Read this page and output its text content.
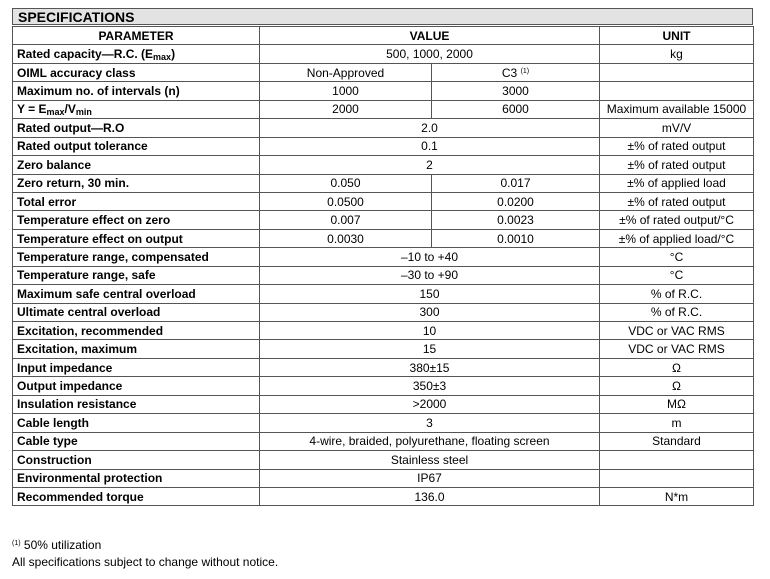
SPECIFICATIONS
PARAMETER	VALUE		UNIT
Rated capacity—R.C. $(E_{max})$	500, 1000, 2000		kg
OIML accuracy class	Non-Approved	C3 $^{(1)}$	
Maximum no. of intervals (n)	1000	3000	
$Y = E_{max}/V_{min}$	2000	6000	Maximum available 15000
Rated output—R.O	2.0		mV/V
Rated output tolerance	0.1		±% of rated output
Zero balance	2		±% of rated output
Zero return, 30 min.	0.050	0.017	±% of applied load
Total error	0.0500	0.0200	±% of rated output
Temperature effect on zero	0.007	0.0023	±% of rated output/°C
Temperature effect on output	0.0030	0.0010	±% of applied load/°C
Temperature range, compensated	–10 to +40		°C
Temperature range, safe	–30 to +90		°C
Maximum safe central overload	150		% of R.C.
Ultimate central overload	300		% of R.C.
Excitation, recommended	10		VDC or VAC RMS
Excitation, maximum	15		VDC or VAC RMS
Input impedance	380±15		Ω
Output impedance	350±3		Ω
Insulation resistance	>2000		MΩ
Cable length	3		m
Cable type	4-wire, braided, polyurethane, floating screen		Standard
Construction	Stainless steel		
Environmental protection	IP67		
Recommended torque	136.0		N*m
$^{(1)}$ 50% utilization
All specifications subject to change without notice.
